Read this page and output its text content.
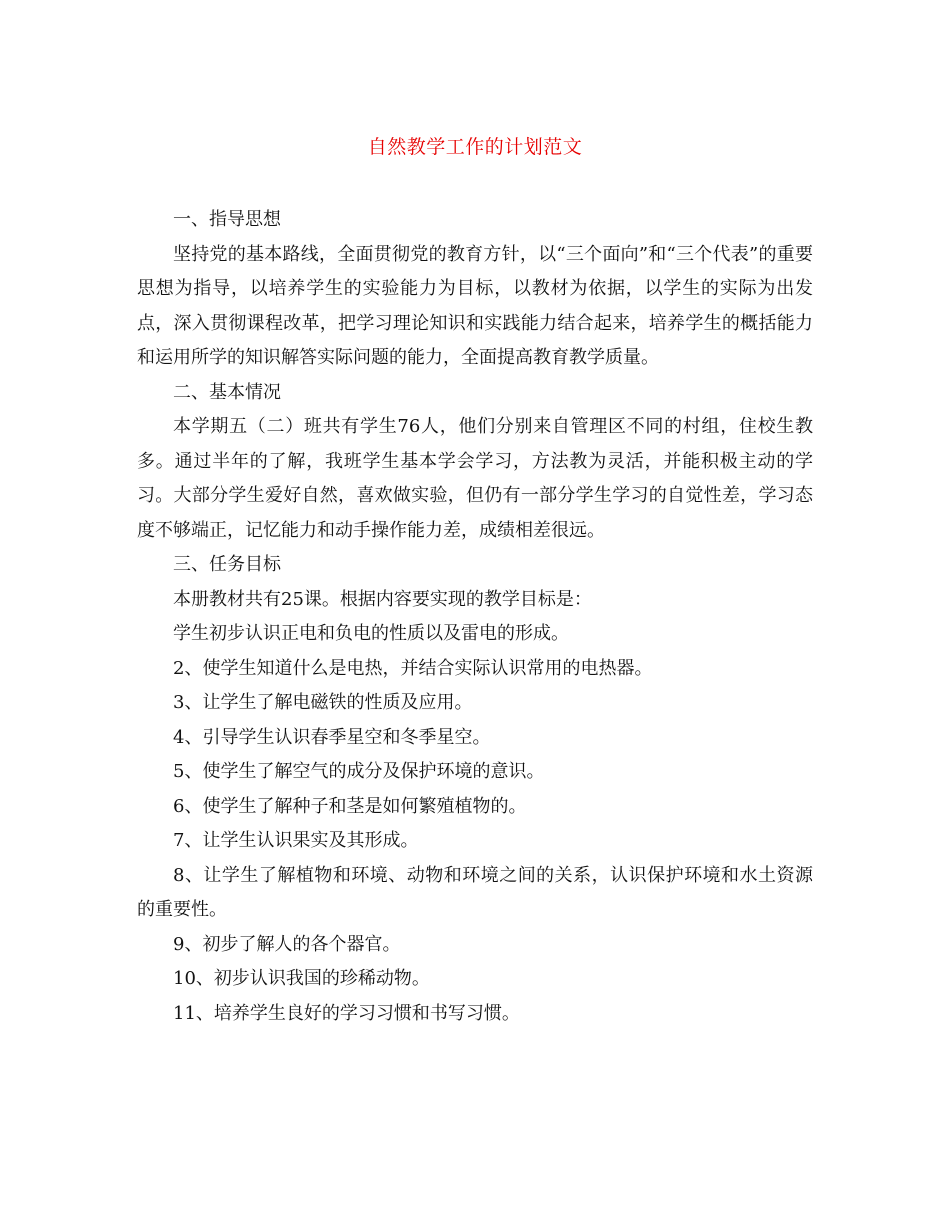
自然教学工作的计划范文

一、指导思想

坚持党的基本路线，全面贯彻党的教育方针，以“三个面向”和“三个代表”的重要思想为指导，以培养学生的实验能力为目标，以教材为依据，以学生的实际为出发点，深入贯彻课程改革，把学习理论知识和实践能力结合起来，培养学生的概括能力和运用所学的知识解答实际问题的能力，全面提高教育教学质量。

二、基本情况

本学期五（二）班共有学生76人，他们分别来自管理区不同的村组，住校生教多。通过半年的了解，我班学生基本学会学习，方法教为灵活，并能积极主动的学习。大部分学生爱好自然，喜欢做实验，但仍有一部分学生学习的自觉性差，学习态度不够端正，记忆能力和动手操作能力差，成绩相差很远。

三、任务目标

本册教材共有25课。根据内容要实现的教学目标是：

学生初步认识正电和负电的性质以及雷电的形成。

2、使学生知道什么是电热，并结合实际认识常用的电热器。

3、让学生了解电磁铁的性质及应用。

4、引导学生认识春季星空和冬季星空。

5、使学生了解空气的成分及保护环境的意识。

6、使学生了解种子和茎是如何繁殖植物的。

7、让学生认识果实及其形成。

8、让学生了解植物和环境、动物和环境之间的关系，认识保护环境和水土资源的重要性。

9、初步了解人的各个器官。

10、初步认识我国的珍稀动物。

11、培养学生良好的学习习惯和书写习惯。
